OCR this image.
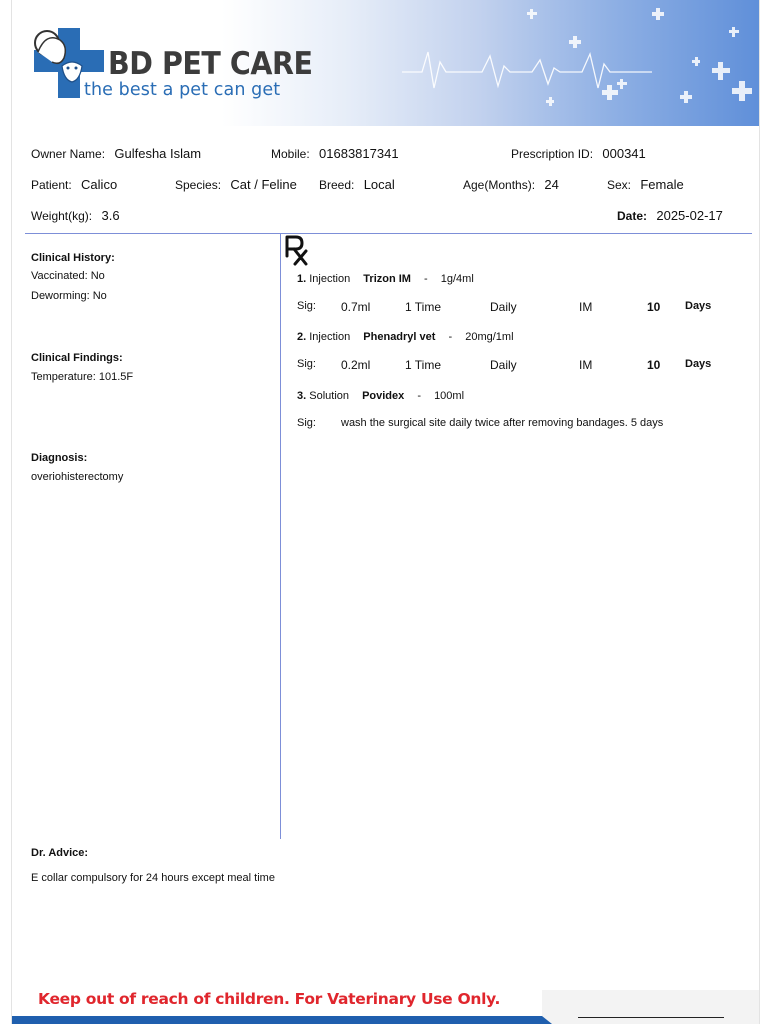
BD PET CARE
the best a pet can get
Owner Name: Gulfesha Islam	Mobile: 01683817341	Prescription ID: 000341
Patient: Calico	Species: Cat / Feline Breed: Local	Age(Months): 24	Sex: Female
Weight(kg): 3.6	Date: 2025-02-17
Clinical History:
Vaccinated: No
Deworming: No
Clinical Findings:
Temperature: 101.5F
Diagnosis:
overiohisterectomy
1. Injection Trizon IM - 1g/4ml
Sig: 0.7ml	1 Time	Daily	IM	10 Days
2. Injection Phenadryl vet - 20mg/1ml
Sig: 0.2ml	1 Time	Daily	IM	10 Days
3. Solution Povidex - 100ml
Sig: wash the surgical site daily twice after removing bandages. 5 days
Dr. Advice:
E collar compulsory for 24 hours except meal time
Keep out of reach of children. For Vaterinary Use Only.
